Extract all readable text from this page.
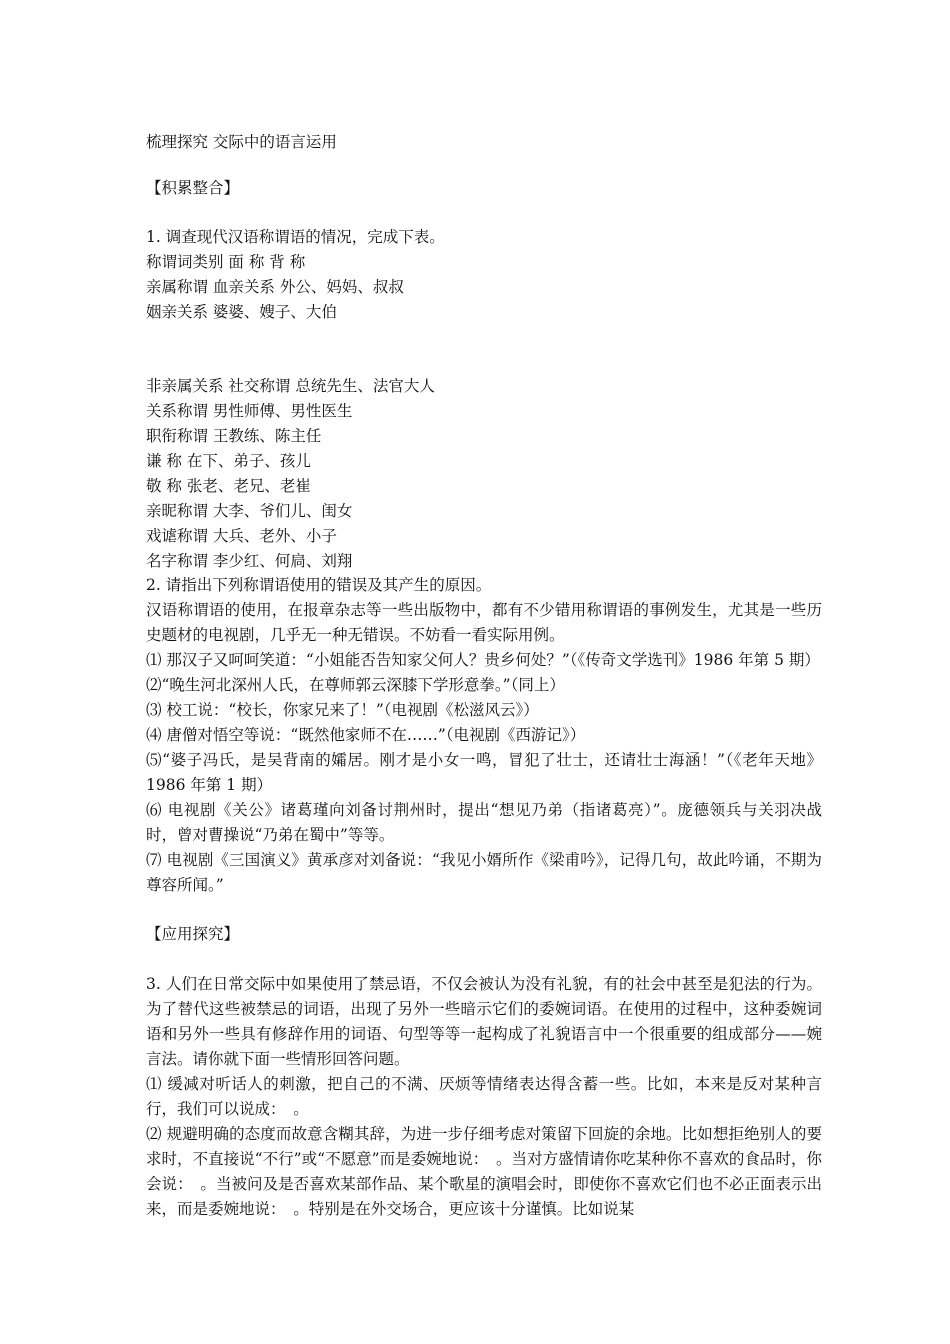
梳理探究 交际中的语言运用

【积累整合】

1. 调查现代汉语称谓语的情况，完成下表。
称谓词类别 面 称 背 称
亲属称谓 血亲关系 外公、妈妈、叔叔
姻亲关系 婆婆、嫂子、大伯
非亲属关系 社交称谓 总统先生、法官大人
关系称谓 男性师傅、男性医生
职衔称谓 王教练、陈主任
谦 称 在下、弟子、孩儿
敬 称 张老、老兄、老崔
亲昵称谓 大李、爷们儿、闺女
戏谑称谓 大兵、老外、小子
名字称谓 李少红、何扃、刘翔
2. 请指出下列称谓语使用的错误及其产生的原因。
汉语称谓语的使用，在报章杂志等一些出版物中，都有不少错用称谓语的事例发生，尤其是一些历史题材的电视剧，几乎无一种无错误。不妨看一看实际用例。
⑴ 那汉子又呵呵笑道：“小姐能否告知家父何人？贵乡何处？”（《传奇文学选刊》1986 年第 5 期）
⑵“晚生河北深州人氏，在尊师郭云深膝下学形意拳。”（同上）
⑶ 校工说：“校长，你家兄来了！”（电视剧《松滋风云》）
⑷ 唐僧对悟空等说：“既然他家师不在……”（电视剧《西游记》）
⑸“婆子冯氏，是吴背南的孀居。刚才是小女一鸣，冒犯了壮士，还请壮士海涵！”（《老年天地》1986 年第 1 期）
⑹ 电视剧《关公》诸葛瑾向刘备讨荆州时，提出“想见乃弟（指诸葛亮）”。庞德领兵与关羽决战时，曾对曹操说“乃弟在蜀中”等等。
⑺ 电视剧《三国演义》黄承彦对刘备说：“我见小婿所作《梁甫吟》，记得几句，故此吟诵，不期为尊容所闻。”

【应用探究】

3. 人们在日常交际中如果使用了禁忌语，不仅会被认为没有礼貌，有的社会中甚至是犯法的行为。为了替代这些被禁忌的词语，出现了另外一些暗示它们的委婉词语。在使用的过程中，这种委婉词语和另外一些具有修辞作用的词语、句型等等一起构成了礼貌语言中一个很重要的组成部分——婉言法。请你就下面一些情形回答问题。
⑴ 缓减对听话人的刺激，把自己的不满、厌烦等情绪表达得含蓄一些。比如，本来是反对某种言行，我们可以说成：　。
⑵ 规避明确的态度而故意含糊其辞，为进一步仔细考虑对策留下回旋的余地。比如想拒绝别人的要求时，不直接说“不行”或“不愿意”而是委婉地说：　。当对方盛情请你吃某种你不喜欢的食品时，你会说：　。当被问及是否喜欢某部作品、某个歌星的演唱会时，即使你不喜欢它们也不必正面表示出来，而是委婉地说：　。特别是在外交场合，更应该十分谨慎。比如说某
